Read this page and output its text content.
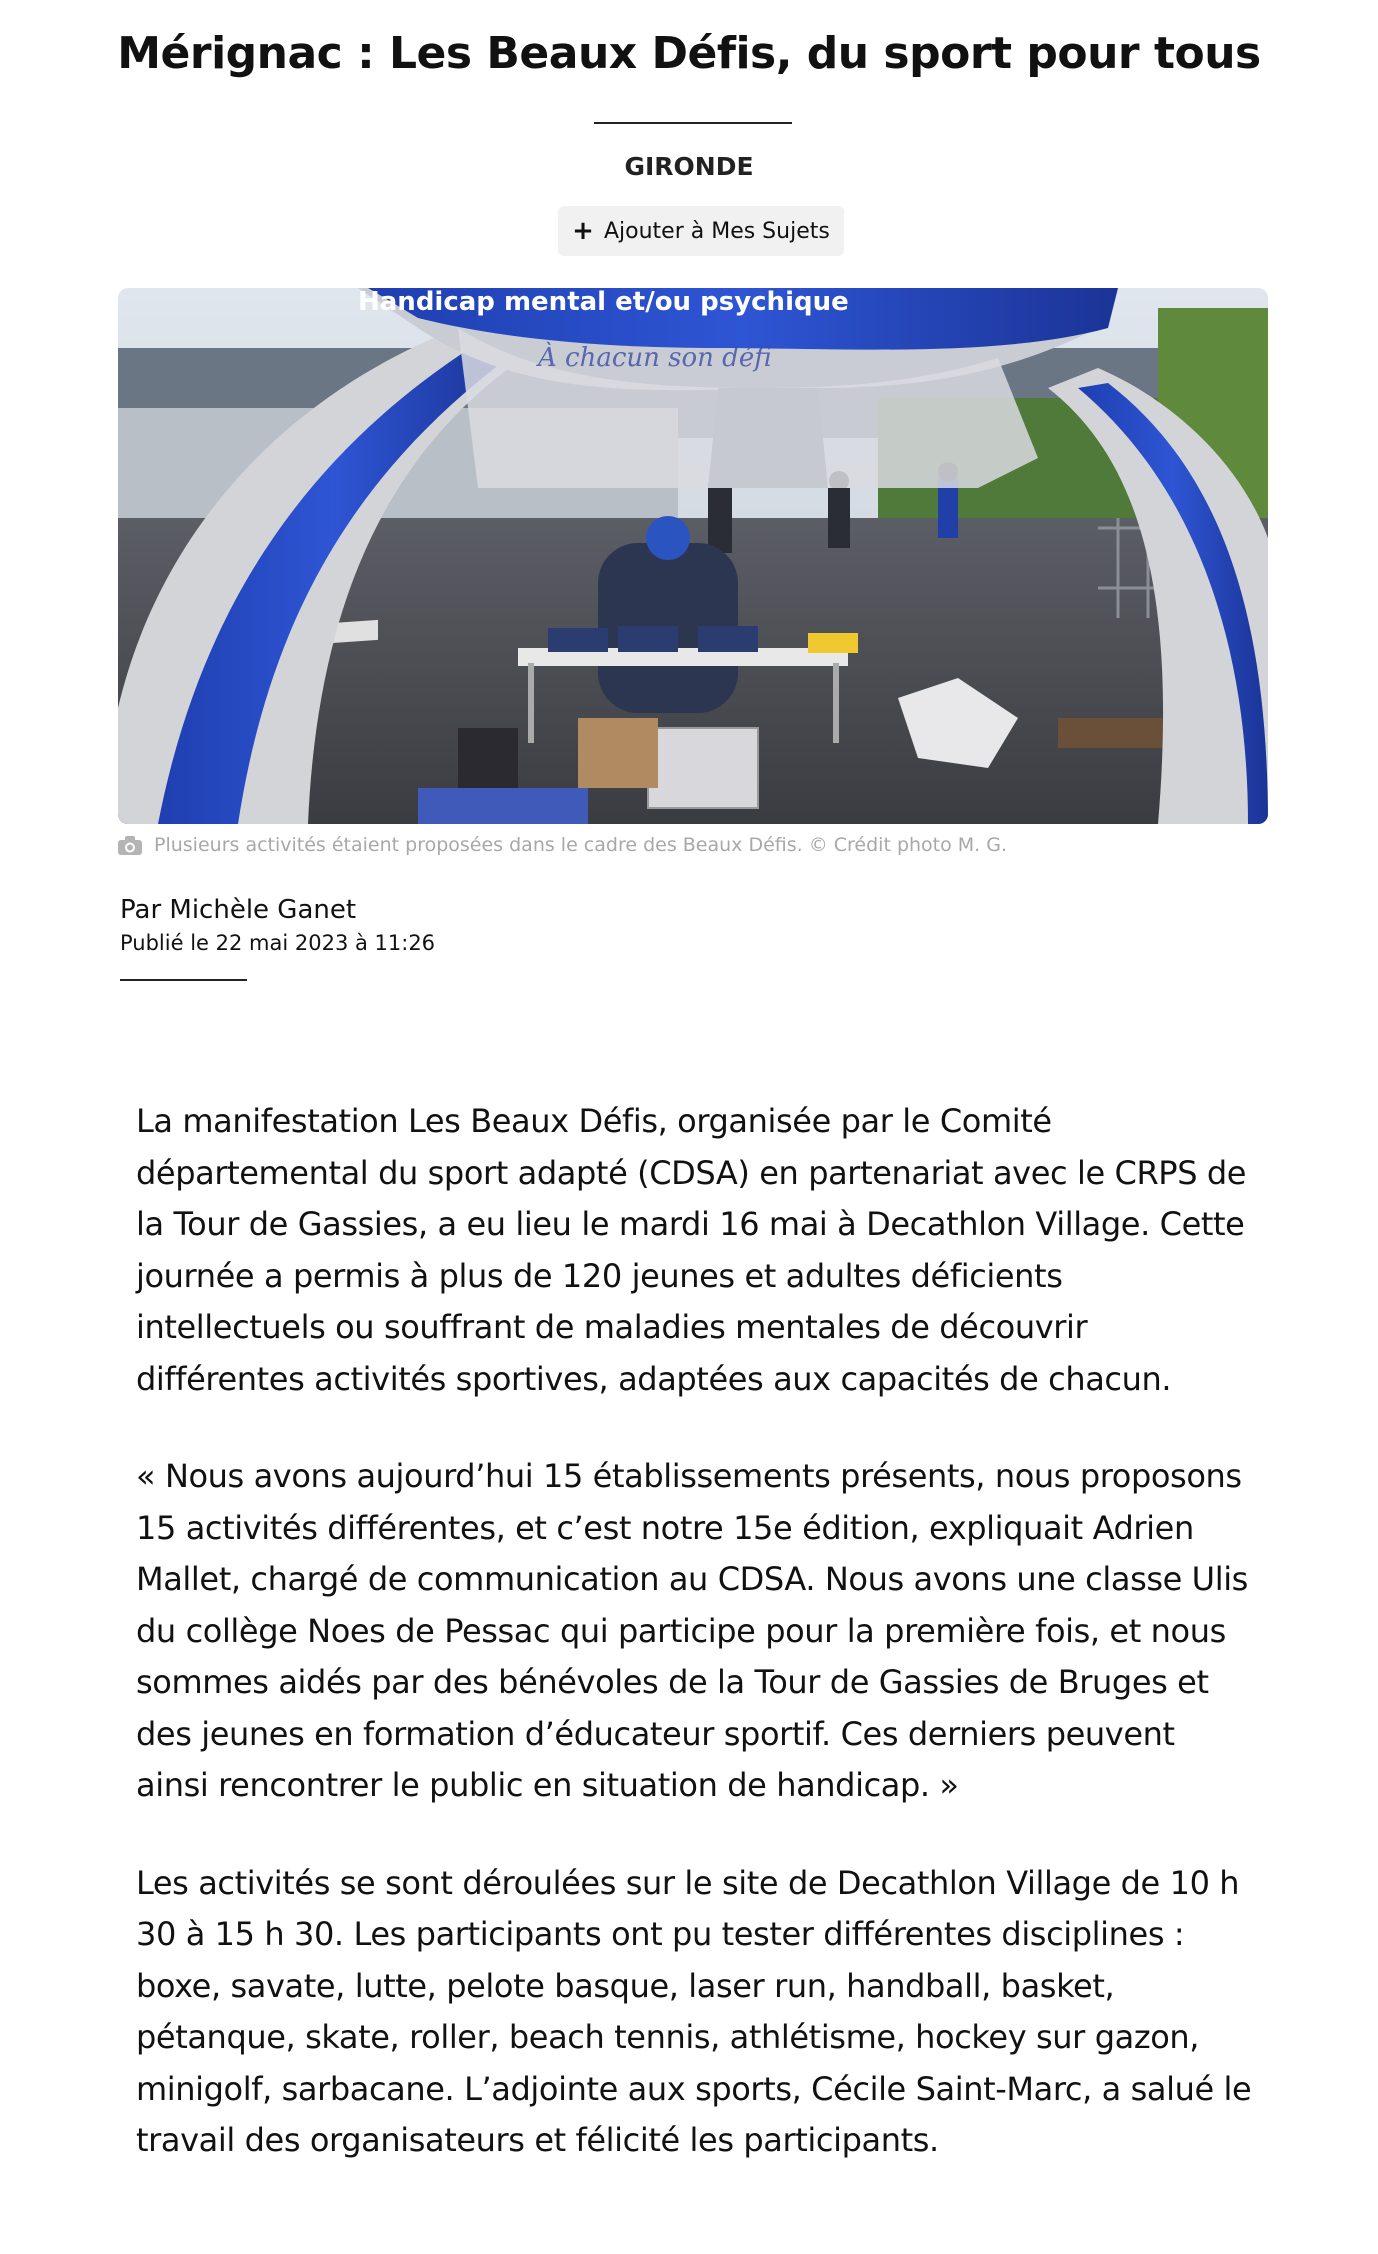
Mérignac : Les Beaux Défis, du sport pour tous
GIRONDE
+ Ajouter à Mes Sujets
Handicap mental et/ou psychique
À chacun son défi
Plusieurs activités étaient proposées dans le cadre des Beaux Défis. © Crédit photo M. G.
Par Michèle Ganet
Publié le 22 mai 2023 à 11:26

La manifestation Les Beaux Défis, organisée par le Comité départemental du sport adapté (CDSA) en partenariat avec le CRPS de la Tour de Gassies, a eu lieu le mardi 16 mai à Decathlon Village. Cette journée a permis à plus de 120 jeunes et adultes déficients intellectuels ou souffrant de maladies mentales de découvrir différentes activités sportives, adaptées aux capacités de chacun.

« Nous avons aujourd’hui 15 établissements présents, nous proposons 15 activités différentes, et c’est notre 15e édition, expliquait Adrien Mallet, chargé de communication au CDSA. Nous avons une classe Ulis du collège Noes de Pessac qui participe pour la première fois, et nous sommes aidés par des bénévoles de la Tour de Gassies de Bruges et des jeunes en formation d’éducateur sportif. Ces derniers peuvent ainsi rencontrer le public en situation de handicap. »

Les activités se sont déroulées sur le site de Decathlon Village de 10 h 30 à 15 h 30. Les participants ont pu tester différentes disciplines : boxe, savate, lutte, pelote basque, laser run, handball, basket, pétanque, skate, roller, beach tennis, athlétisme, hockey sur gazon, minigolf, sarbacane. L’adjointe aux sports, Cécile Saint-Marc, a salué le travail des organisateurs et félicité les participants.
